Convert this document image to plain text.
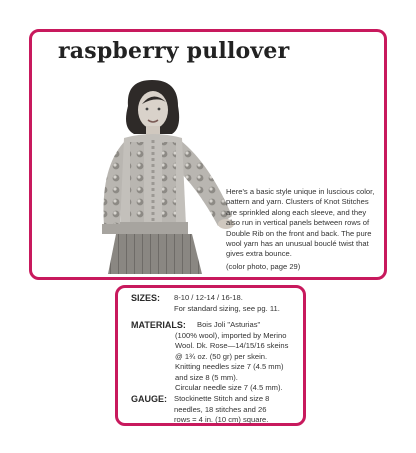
raspberry pullover

Here's a basic style unique in luscious color, pattern and yarn. Clusters of Knot Stitches are sprinkled along each sleeve, and they also run in vertical panels between rows of Double Rib on the front and back. The pure wool yarn has an unusual bouclé twist that gives extra bounce.

(color photo, page 29)
SIZES:	8-10 / 12-14 / 16-18.
For standard sizing, see pg. 11.
MATERIALS:	Bois Joli "Asturias"
(100% wool), imported by Merino
Wool. Dk. Rose—14/15/16 skeins
@ 1¾ oz. (50 gr) per skein.
Knitting needles size 7 (4.5 mm)
and size 8 (5 mm).
Circular needle size 7 (4.5 mm).
GAUGE: Stockinette Stitch and size 8
needles, 18 stitches and 26
rows = 4 in. (10 cm) square.
